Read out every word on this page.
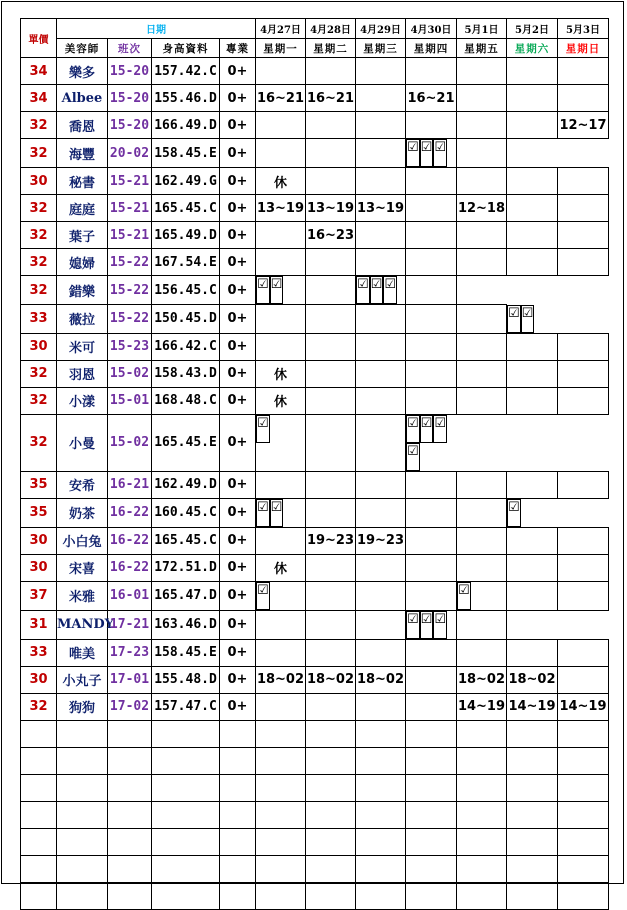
單價	日期				4月27日	4月28日	4月29日	4月30日	5月1日	5月2日	5月3日
	美容師	班次	身高資料	專業	星期一	星期二	星期三	星期四	星期五	星期六	星期日
34	樂多	15-20	157.42.C	0+							
34	Albee	15-20	155.46.D	0+	16~21	16~21		16~21			
32	喬恩	15-20	166.49.D	0+							12~17
32	海豐	20-02	158.45.E	0+					☑ ☑ ☑
30	秘書	15-21	162.49.G	0+	休						
32	庭庭	15-21	165.45.C	0+	13~19	13~19	13~19		12~18		
32	葉子	15-21	165.49.D	0+		16~23					
32	媳婦	15-22	167.54.E	0+							
32	錯樂	15-22	156.45.C	0+	☑ ☑		☑ ☑ ☑
33	薇拉	15-22	150.45.D	0+							☑ ☑
30	米可	15-23	166.42.C	0+							
32	羽恩	15-02	158.43.D	0+	休						
32	小漾	15-01	168.48.C	0+	休						
32	小曼	15-02	165.45.E	0+	☑			☑ ☑ ☑☑
35	安希	16-21	162.49.D	0+							
35	奶茶	16-22	160.45.C	0+	☑ ☑					☑
30	小白兔	16-22	165.45.C	0+		19~23	19~23				
30	宋喜	16-22	172.51.D	0+	休						
37	米雅	16-01	165.47.D	0+	☑				☑	
31	MANDY	17-21	163.46.D	0+					☑ ☑ ☑
33	唯美	17-23	158.45.E	0+							
30	小丸子	17-01	155.48.D	0+	18~02	18~02	18~02		18~02	18~02	
32	狗狗	17-02	157.47.C	0+					14~19	14~19	14~19
